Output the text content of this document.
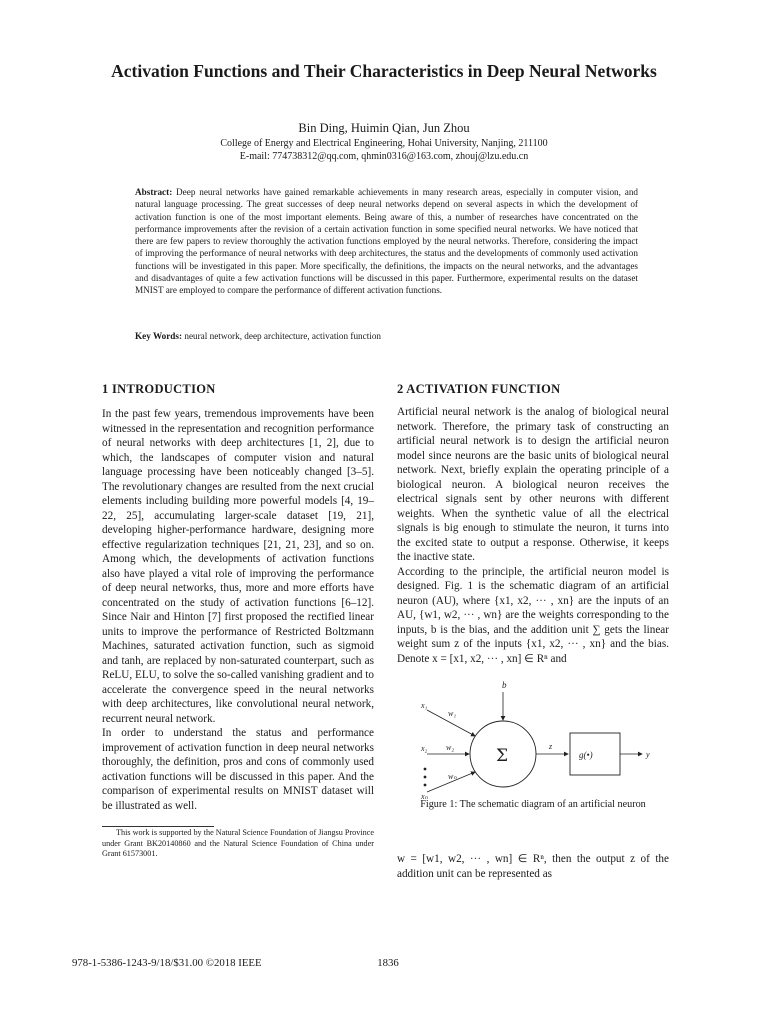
Activation Functions and Their Characteristics in Deep Neural Networks
Bin Ding, Huimin Qian, Jun Zhou
College of Energy and Electrical Engineering, Hohai University, Nanjing, 211100
E-mail: 774738312@qq.com, qhmin0316@163.com, zhouj@lzu.edu.cn
Abstract: Deep neural networks have gained remarkable achievements in many research areas, especially in computer vision, and natural language processing. The great successes of deep neural networks depend on several aspects in which the development of activation function is one of the most important elements. Being aware of this, a number of researches have concentrated on the performance improvements after the revision of a certain activation function in some specified neural networks. We have noticed that there are few papers to review thoroughly the activation functions employed by the neural networks. Therefore, considering the impact of improving the performance of neural networks with deep architectures, the status and the developments of commonly used activation functions will be investigated in this paper. More specifically, the definitions, the impacts on the neural networks, and the advantages and disadvantages of quite a few activation functions will be discussed in this paper. Furthermore, experimental results on the dataset MNIST are employed to compare the performance of different activation functions.
Key Words: neural network, deep architecture, activation function
1 INTRODUCTION

In the past few years, tremendous improvements have been witnessed in the representation and recognition performance of neural networks with deep architectures [1, 2], due to which, the landscapes of computer vision and natural language processing have been noticeably changed [3–5]. The revolutionary changes are resulted from the next crucial elements including building more powerful models [4, 19–22, 25], accumulating larger-scale dataset [19, 21], developing higher-performance hardware, designing more effective regularization techniques [21, 21, 23], and so on. Among which, the developments of activation functions also have played a vital role of improving the performance of deep neural networks, thus, more and more efforts have concentrated on the study of activation functions [6–12]. Since Nair and Hinton [7] first proposed the rectified linear units to improve the performance of Restricted Boltzmann Machines, saturated activation function, such as sigmoid and tanh, are replaced by non-saturated counterpart, such as ReLU, ELU, to solve the so-called vanishing gradient and to accelerate the convergence speed in the neural networks with deep architectures, like convolutional neural network, recurrent neural network.

In order to understand the status and performance improvement of activation function in deep neural networks thoroughly, the definition, pros and cons of commonly used activation functions will be discussed in this paper. And the comparison of experimental results on MNIST dataset will be illustrated as well.

This work is supported by the Natural Science Foundation of Jiangsu Province under Grant BK20140860 and the Natural Science Foundation of China under Grant 61573001.
2 ACTIVATION FUNCTION

Artificial neural network is the analog of biological neural network. Therefore, the primary task of constructing an artificial neural network is to design the artificial neuron model since neurons are the basic units of biological neural network. Next, briefly explain the operating principle of a biological neuron. A biological neuron receives the electrical signals sent by other neurons with different weights. When the synthetic value of all the electrical signals is big enough to stimulate the neuron, it turns into the excited state to output a response. Otherwise, it keeps the inactive state.

According to the principle, the artificial neuron model is designed. Fig. 1 is the schematic diagram of an artificial neuron (AU), where {x1, x2, ··· , xn} are the inputs of an AU, {w1, w2, ··· , wn} are the weights corresponding to the inputs, b is the bias, and the addition unit ∑ gets the linear weight sum z of the inputs {x1, x2, ··· , xn} and the bias. Denote x = [x1, x2, ··· , xn] ∈ Rⁿ and

b
Σ
x₁
w₁
x₂ w₂
xₙ
wₙ
z
g(•)	y
Figure 1: The schematic diagram of an artificial neuron

w = [w1, w2, ··· , wn] ∈ Rⁿ, then the output z of the addition unit can be represented as

978-1-5386-1243-9/18/$31.00 ©2018 IEEE	1836
